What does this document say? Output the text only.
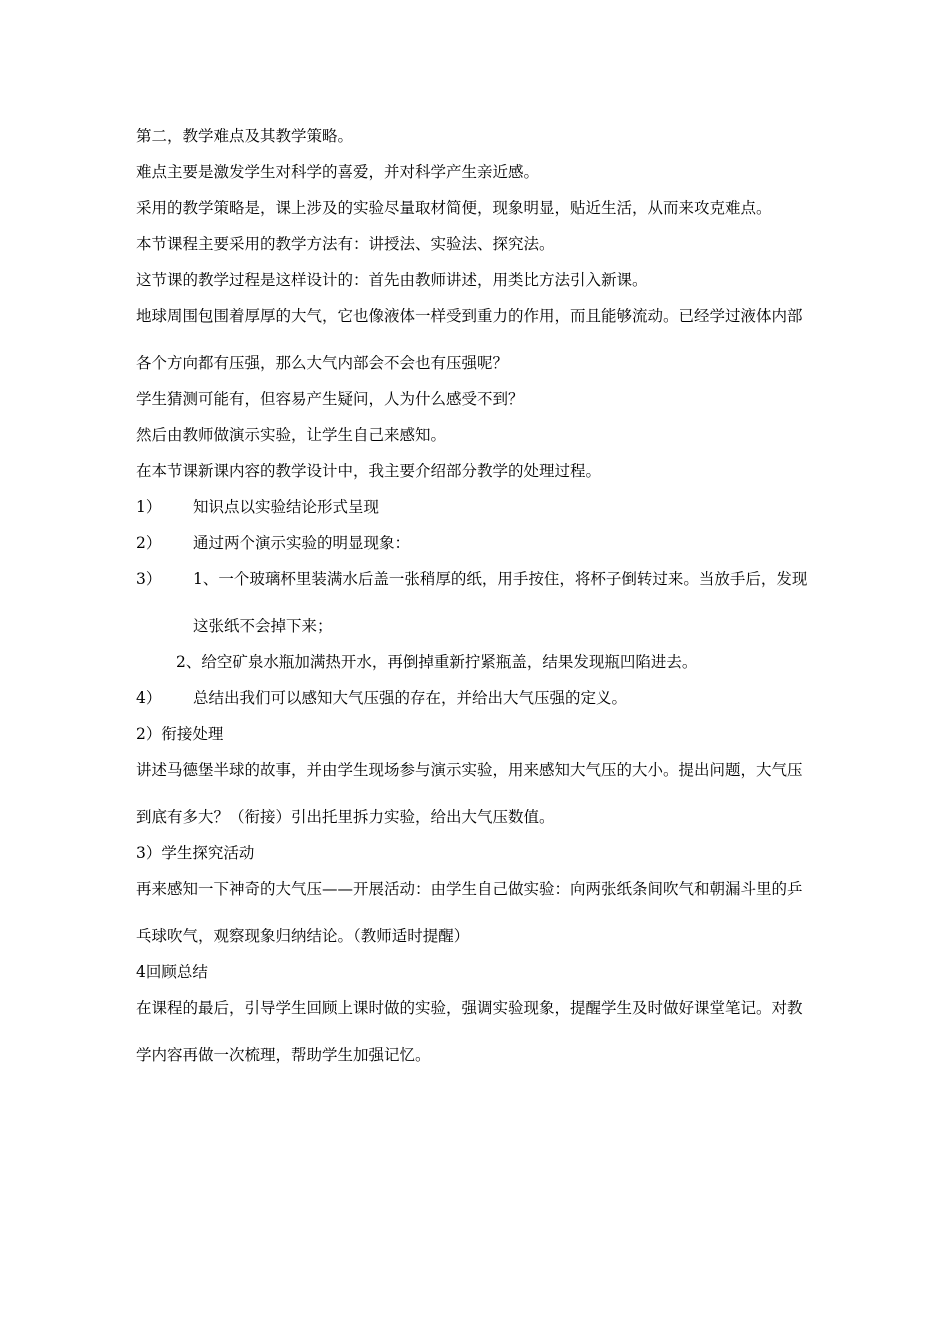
第二，教学难点及其教学策略。
难点主要是激发学生对科学的喜爱，并对科学产生亲近感。
采用的教学策略是，课上涉及的实验尽量取材简便，现象明显，贴近生活，从而来攻克难点。
本节课程主要采用的教学方法有：讲授法、实验法、探究法。
这节课的教学过程是这样设计的：首先由教师讲述，用类比方法引入新课。
地球周围包围着厚厚的大气，它也像液体一样受到重力的作用，而且能够流动。已经学过液体内部
各个方向都有压强，那么大气内部会不会也有压强呢？
学生猜测可能有，但容易产生疑问，人为什么感受不到？
然后由教师做演示实验，让学生自己来感知。
在本节课新课内容的教学设计中，我主要介绍部分教学的处理过程。
1） 知识点以实验结论形式呈现
2） 通过两个演示实验的明显现象：
3） 1、一个玻璃杯里装满水后盖一张稍厚的纸，用手按住，将杯子倒转过来。当放手后，发现
这张纸不会掉下来；
2、给空矿泉水瓶加满热开水，再倒掉重新拧紧瓶盖，结果发现瓶凹陷进去。
4） 总结出我们可以感知大气压强的存在，并给出大气压强的定义。
2）衔接处理
讲述马德堡半球的故事，并由学生现场参与演示实验，用来感知大气压的大小。提出问题，大气压
到底有多大？（衔接）引出托里拆力实验，给出大气压数值。
3）学生探究活动
再来感知一下神奇的大气压——开展活动：由学生自己做实验：向两张纸条间吹气和朝漏斗里的乒
乓球吹气，观察现象归纳结论。（教师适时提醒）
4回顾总结
在课程的最后，引导学生回顾上课时做的实验，强调实验现象，提醒学生及时做好课堂笔记。对教
学内容再做一次梳理，帮助学生加强记忆。
